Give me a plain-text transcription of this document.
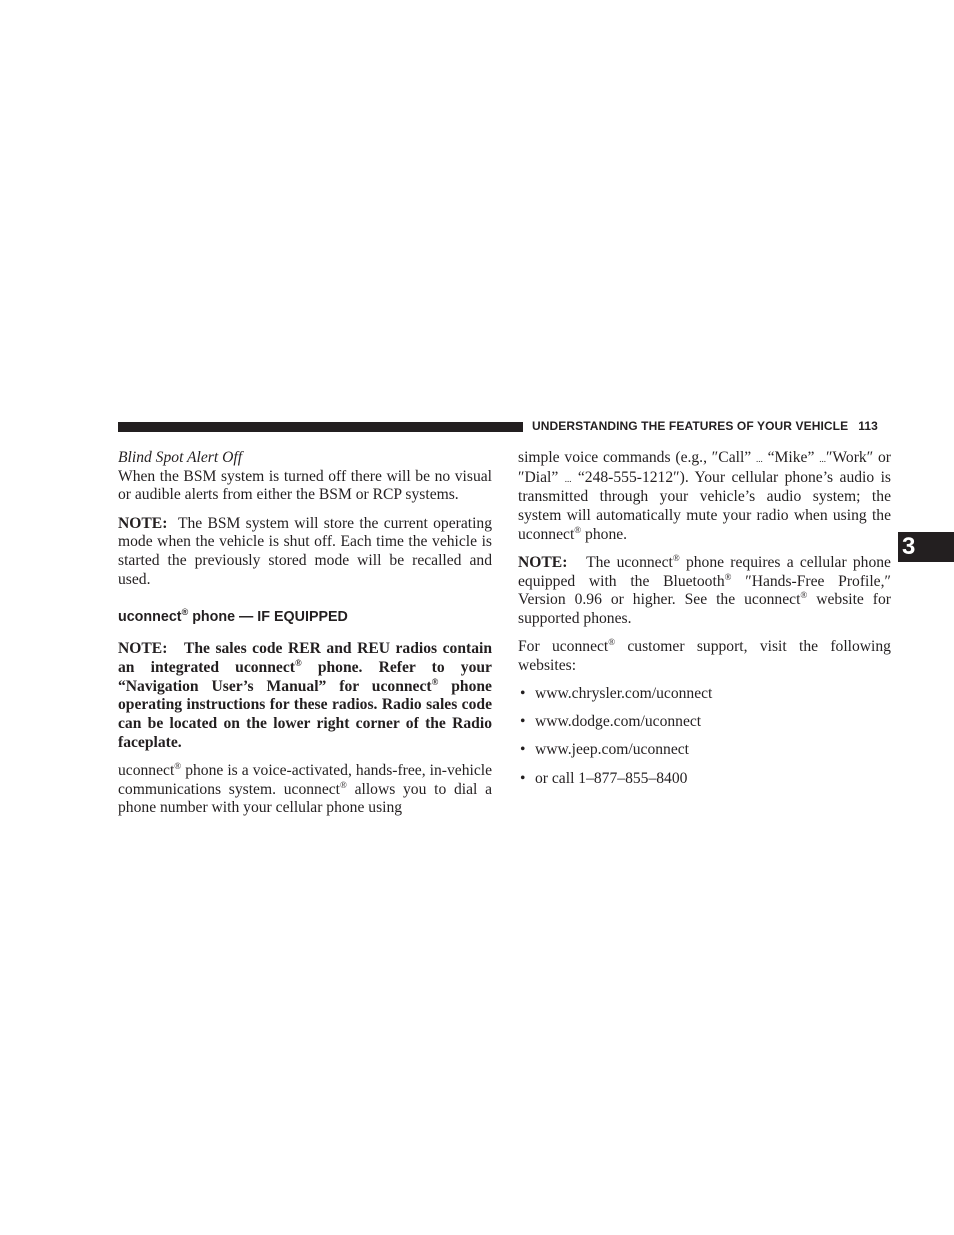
UNDERSTANDING THE FEATURES OF YOUR VEHICLE 113
3

Blind Spot Alert Off

When the BSM system is turned off there will be no visual or audible alerts from either the BSM or RCP systems.

NOTE: The BSM system will store the current operating mode when the vehicle is shut off. Each time the vehicle is started the previously stored mode will be recalled and used.

uconnect® phone — IF EQUIPPED

NOTE: The sales code RER and REU radios contain an integrated uconnect® phone. Refer to your “Navigation User’s Manual” for uconnect® phone operating instructions for these radios. Radio sales code can be located on the lower right corner of the Radio faceplate.

uconnect® phone is a voice-activated, hands-free, in-vehicle communications system. uconnect® allows you to dial a phone number with your cellular phone using

simple voice commands (e.g., ″Call” ... “Mike” ...″Work″ or ″Dial” ... “248-555-1212″). Your cellular phone’s audio is transmitted through your vehicle’s audio system; the system will automatically mute your radio when using the uconnect® phone.

NOTE: The uconnect® phone requires a cellular phone equipped with the Bluetooth® ″Hands-Free Profile,″ Version 0.96 or higher. See the uconnect® website for supported phones.

For uconnect® customer support, visit the following websites:

• www.chrysler.com/uconnect
• www.dodge.com/uconnect
• www.jeep.com/uconnect
• or call 1–877–855–8400
